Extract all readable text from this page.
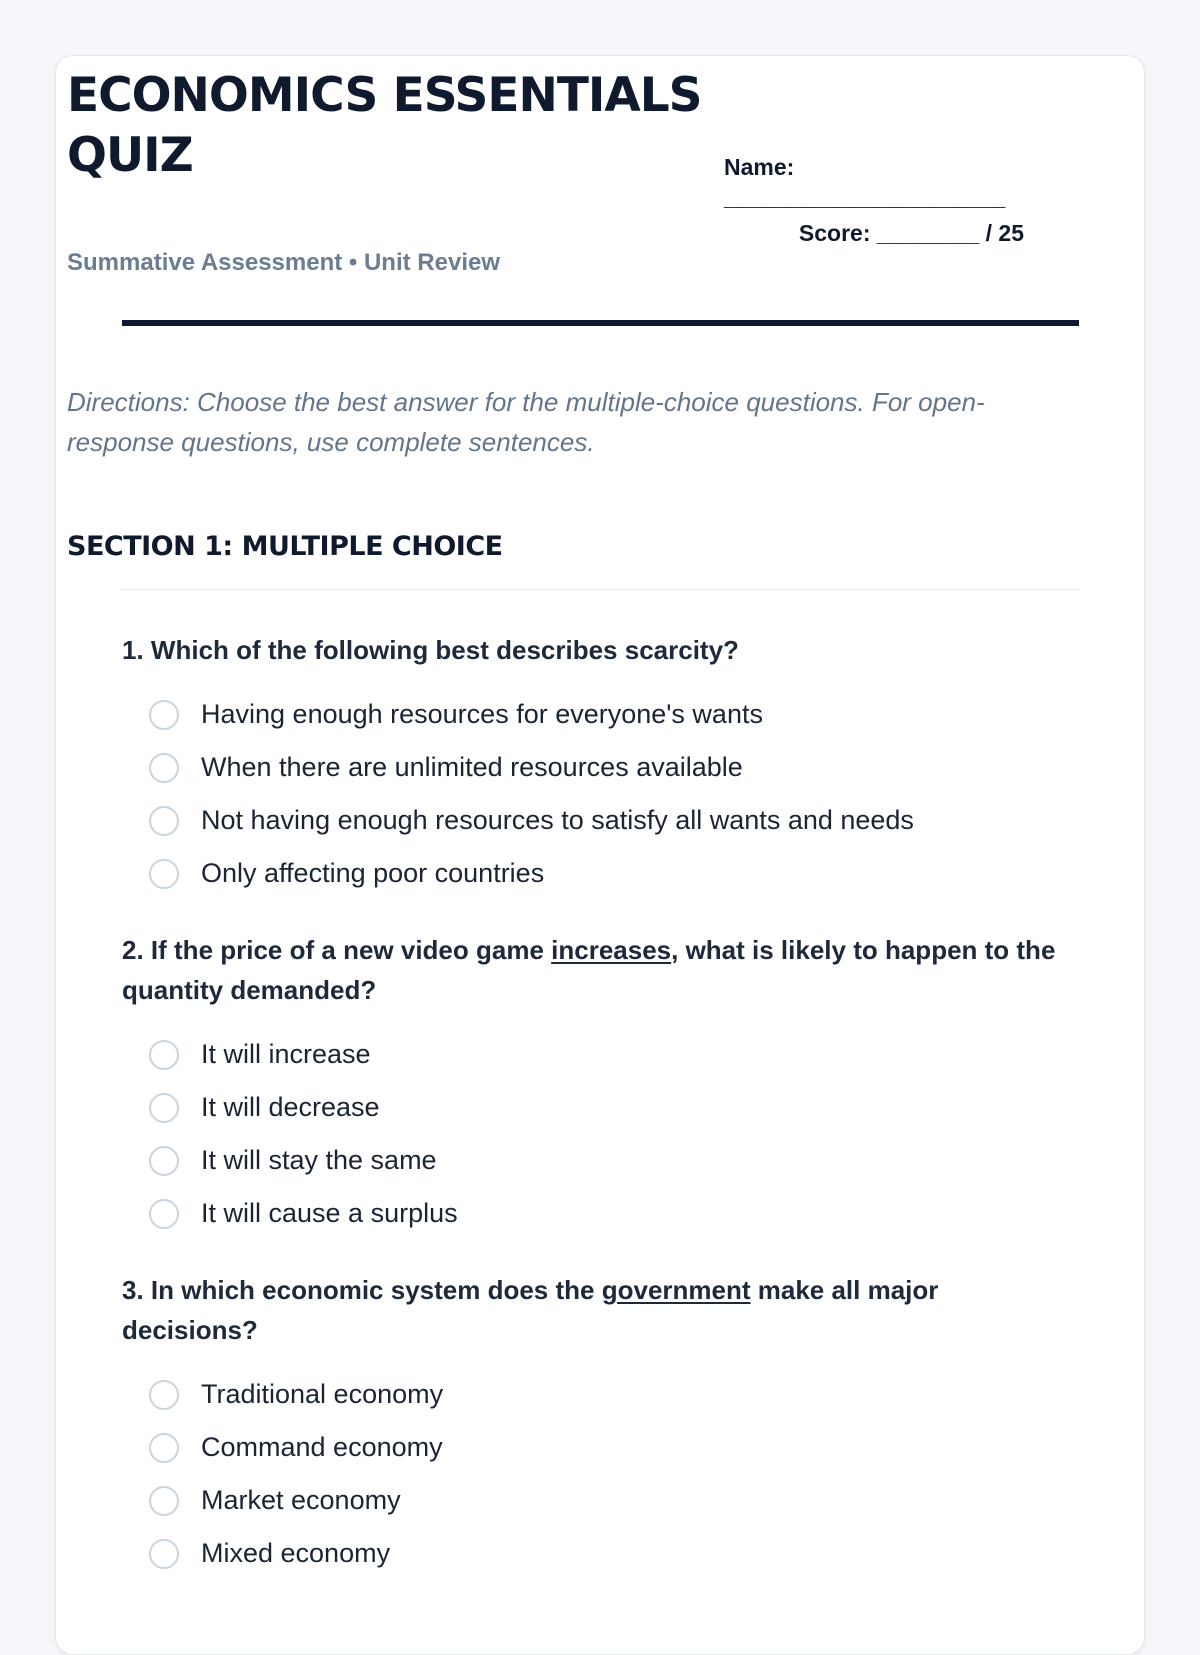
ECONOMICS ESSENTIALS QUIZ
Summative Assessment • Unit Review
Name:
______________________
Score: ________ / 25

Directions: Choose the best answer for the multiple-choice questions. For open-response questions, use complete sentences.

SECTION 1: MULTIPLE CHOICE

1. Which of the following best describes scarcity?

Having enough resources for everyone's wants
When there are unlimited resources available
Not having enough resources to satisfy all wants and needs
Only affecting poor countries

2. If the price of a new video game increases, what is likely to happen to the quantity demanded?

It will increase
It will decrease
It will stay the same
It will cause a surplus

3. In which economic system does the government make all major decisions?

Traditional economy
Command economy
Market economy
Mixed economy
